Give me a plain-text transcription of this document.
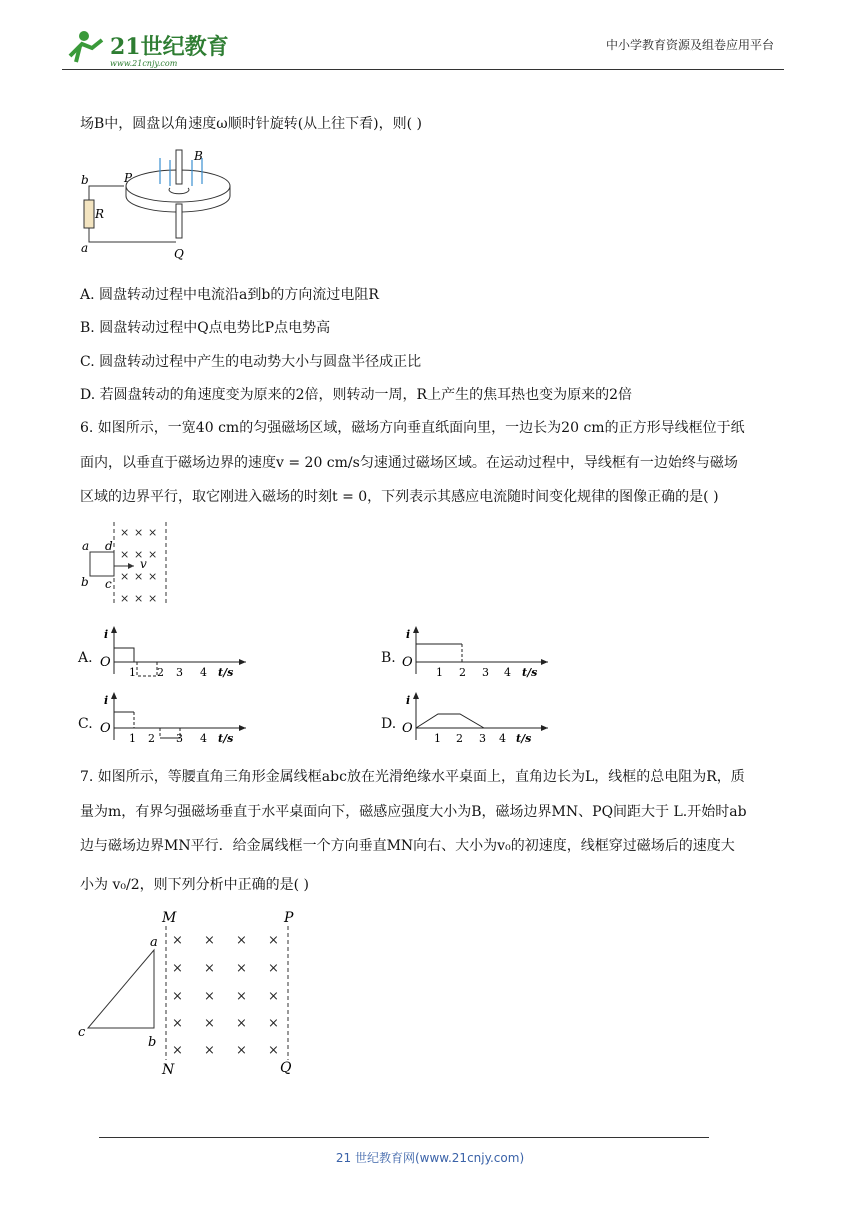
21世纪教育
www.21cnjy.com
中小学教育资源及组卷应用平台
场B中，圆盘以角速度ω顺时针旋转(从上往下看)，则( )
b	P
B
R
a	Q
A. 圆盘转动过程中电流沿a到b的方向流过电阻R
B. 圆盘转动过程中Q点电势比P点电势高
C. 圆盘转动过程中产生的电动势大小与圆盘半径成正比
D. 若圆盘转动的角速度变为原来的2倍，则转动一周，R上产生的焦耳热也变为原来的2倍
6. 如图所示，一宽40 cm的匀强磁场区域，磁场方向垂直纸面向里，一边长为20 cm的正方形导线框位于纸
面内，以垂直于磁场边界的速度v = 20 cm/s匀速通过磁场区域。在运动过程中，导线框有一边始终与磁场
区域的边界平行，取它刚进入磁场的时刻t = 0，下列表示其感应电流随时间变化规律的图像正确的是( )
× × ×
× × ×
× × ×
× × ×
a d
b c
v
A.
i
O
1 2 3 4 t/s
B.
i
O
1 2 3 4 t/s
C.
i
O
1 2 3 4 t/s
D.
i
O
1 2 3 4 t/s
7. 如图所示，等腰直角三角形金属线框abc放在光滑绝缘水平桌面上，直角边长为L，线框的总电阻为R，质
量为m，有界匀强磁场垂直于水平桌面向下，磁感应强度大小为B，磁场边界MN、PQ间距大于 L.开始时ab
边与磁场边界MN平行．给金属线框一个方向垂直MN向右、大小为v₀的初速度，线框穿过磁场后的速度大
小为 v₀/2，则下列分析中正确的是( )
× × × ×
× × × ×
× × × ×
× × × ×
× × × ×
M	P
N	Q
a
b
c
21 世纪教育网(www.21cnjy.com)
